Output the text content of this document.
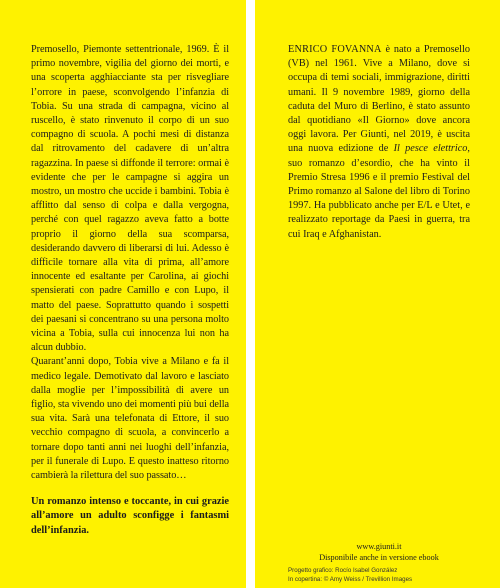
Premosello, Piemonte settentrionale, 1969. È il primo novembre, vigilia del giorno dei morti, e una scoperta agghiacciante sta per risvegliare l’orrore in paese, sconvolgendo l’infanzia di Tobia. Su una strada di campagna, vicino al ruscello, è stato rinvenuto il corpo di un suo compagno di scuola. A pochi mesi di distanza dal ritrovamento del cadavere di un’altra ragazzina. In paese si diffonde il terrore: ormai è evidente che per le campagne si aggira un mostro, un mostro che uccide i bambini. Tobia è afflitto dal senso di colpa e dalla vergogna, perché con quel ragazzo aveva fatto a botte proprio il giorno della sua scomparsa, desiderando davvero di liberarsi di lui. Adesso è difficile tornare alla vita di prima, all’amore innocente ed esaltante per Carolina, ai giochi spensierati con padre Camillo e con Lupo, il matto del paese. Soprattutto quando i sospetti dei paesani si concentrano su una persona molto vicina a Tobia, sulla cui innocenza lui non ha alcun dubbio.

Quarant’anni dopo, Tobia vive a Milano e fa il medico legale. Demotivato dal lavoro e lasciato dalla moglie per l’impossibilità di avere un figlio, sta vivendo uno dei momenti più bui della sua vita. Sarà una telefonata di Ettore, il suo vecchio compagno di scuola, a convincerlo a tornare dopo tanti anni nei luoghi dell’infanzia, per il funerale di Lupo. E questo inatteso ritorno cambierà la rilettura del suo passato…

Un romanzo intenso e toccante, in cui grazie all’amore un adulto sconfigge i fantasmi dell’infanzia.

ENRICO FOVANNA è nato a Premosello (VB) nel 1961. Vive a Milano, dove si occupa di temi sociali, immigrazione, diritti umani. Il 9 novembre 1989, giorno della caduta del Muro di Berlino, è stato assunto dal quotidiano «Il Giorno» dove ancora oggi lavora. Per Giunti, nel 2019, è uscita una nuova edizione de Il pesce elettrico, suo romanzo d’esordio, che ha vinto il Premio Stresa 1996 e il premio Festival del Primo romanzo al Salone del libro di Torino 1997. Ha pubblicato anche per E/L e Utet, e realizzato reportage da Paesi in guerra, tra cui Iraq e Afghanistan.

www.giunti.it

Disponibile anche in versione ebook

Progetto grafico: Rocío Isabel González
In copertina: © Amy Weiss / Trevillion Images
